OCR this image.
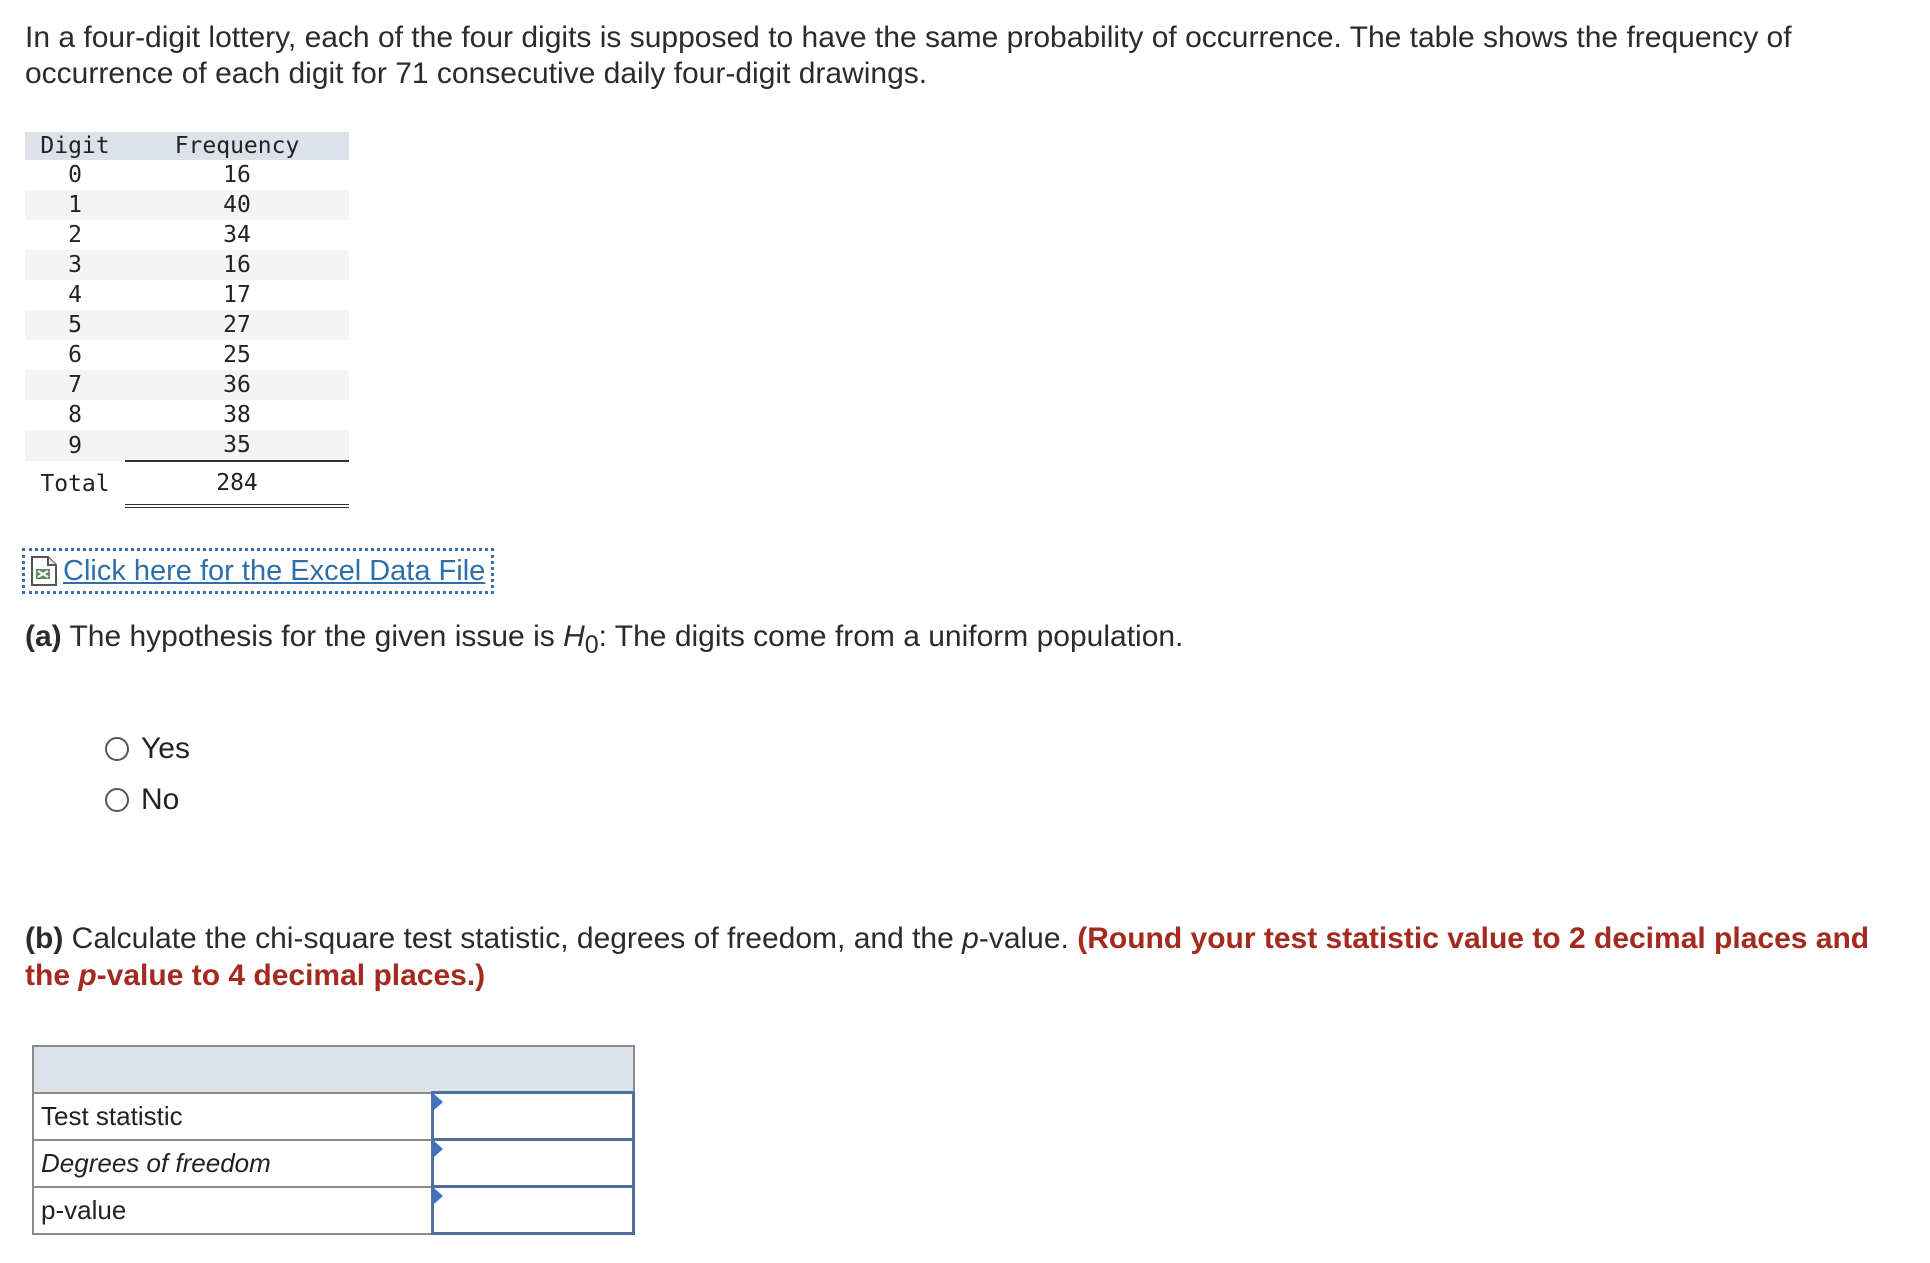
In a four-digit lottery, each of the four digits is supposed to have the same probability of occurrence. The table shows the frequency of occurrence of each digit for 71 consecutive daily four-digit drawings.
Digit	Frequency
0	16
1	40
2	34
3	16
4	17
5	27
6	25
7	36
8	38
9	35
Total	284
Click here for the Excel Data File
(a) The hypothesis for the given issue is $H_0$: The digits come from a uniform population.
Yes
No
(b) Calculate the chi-square test statistic, degrees of freedom, and the p-value. (Round your test statistic value to 2 decimal places and the p-value to 4 decimal places.)

Test statistic	

Degrees of freedom	

p-value	
